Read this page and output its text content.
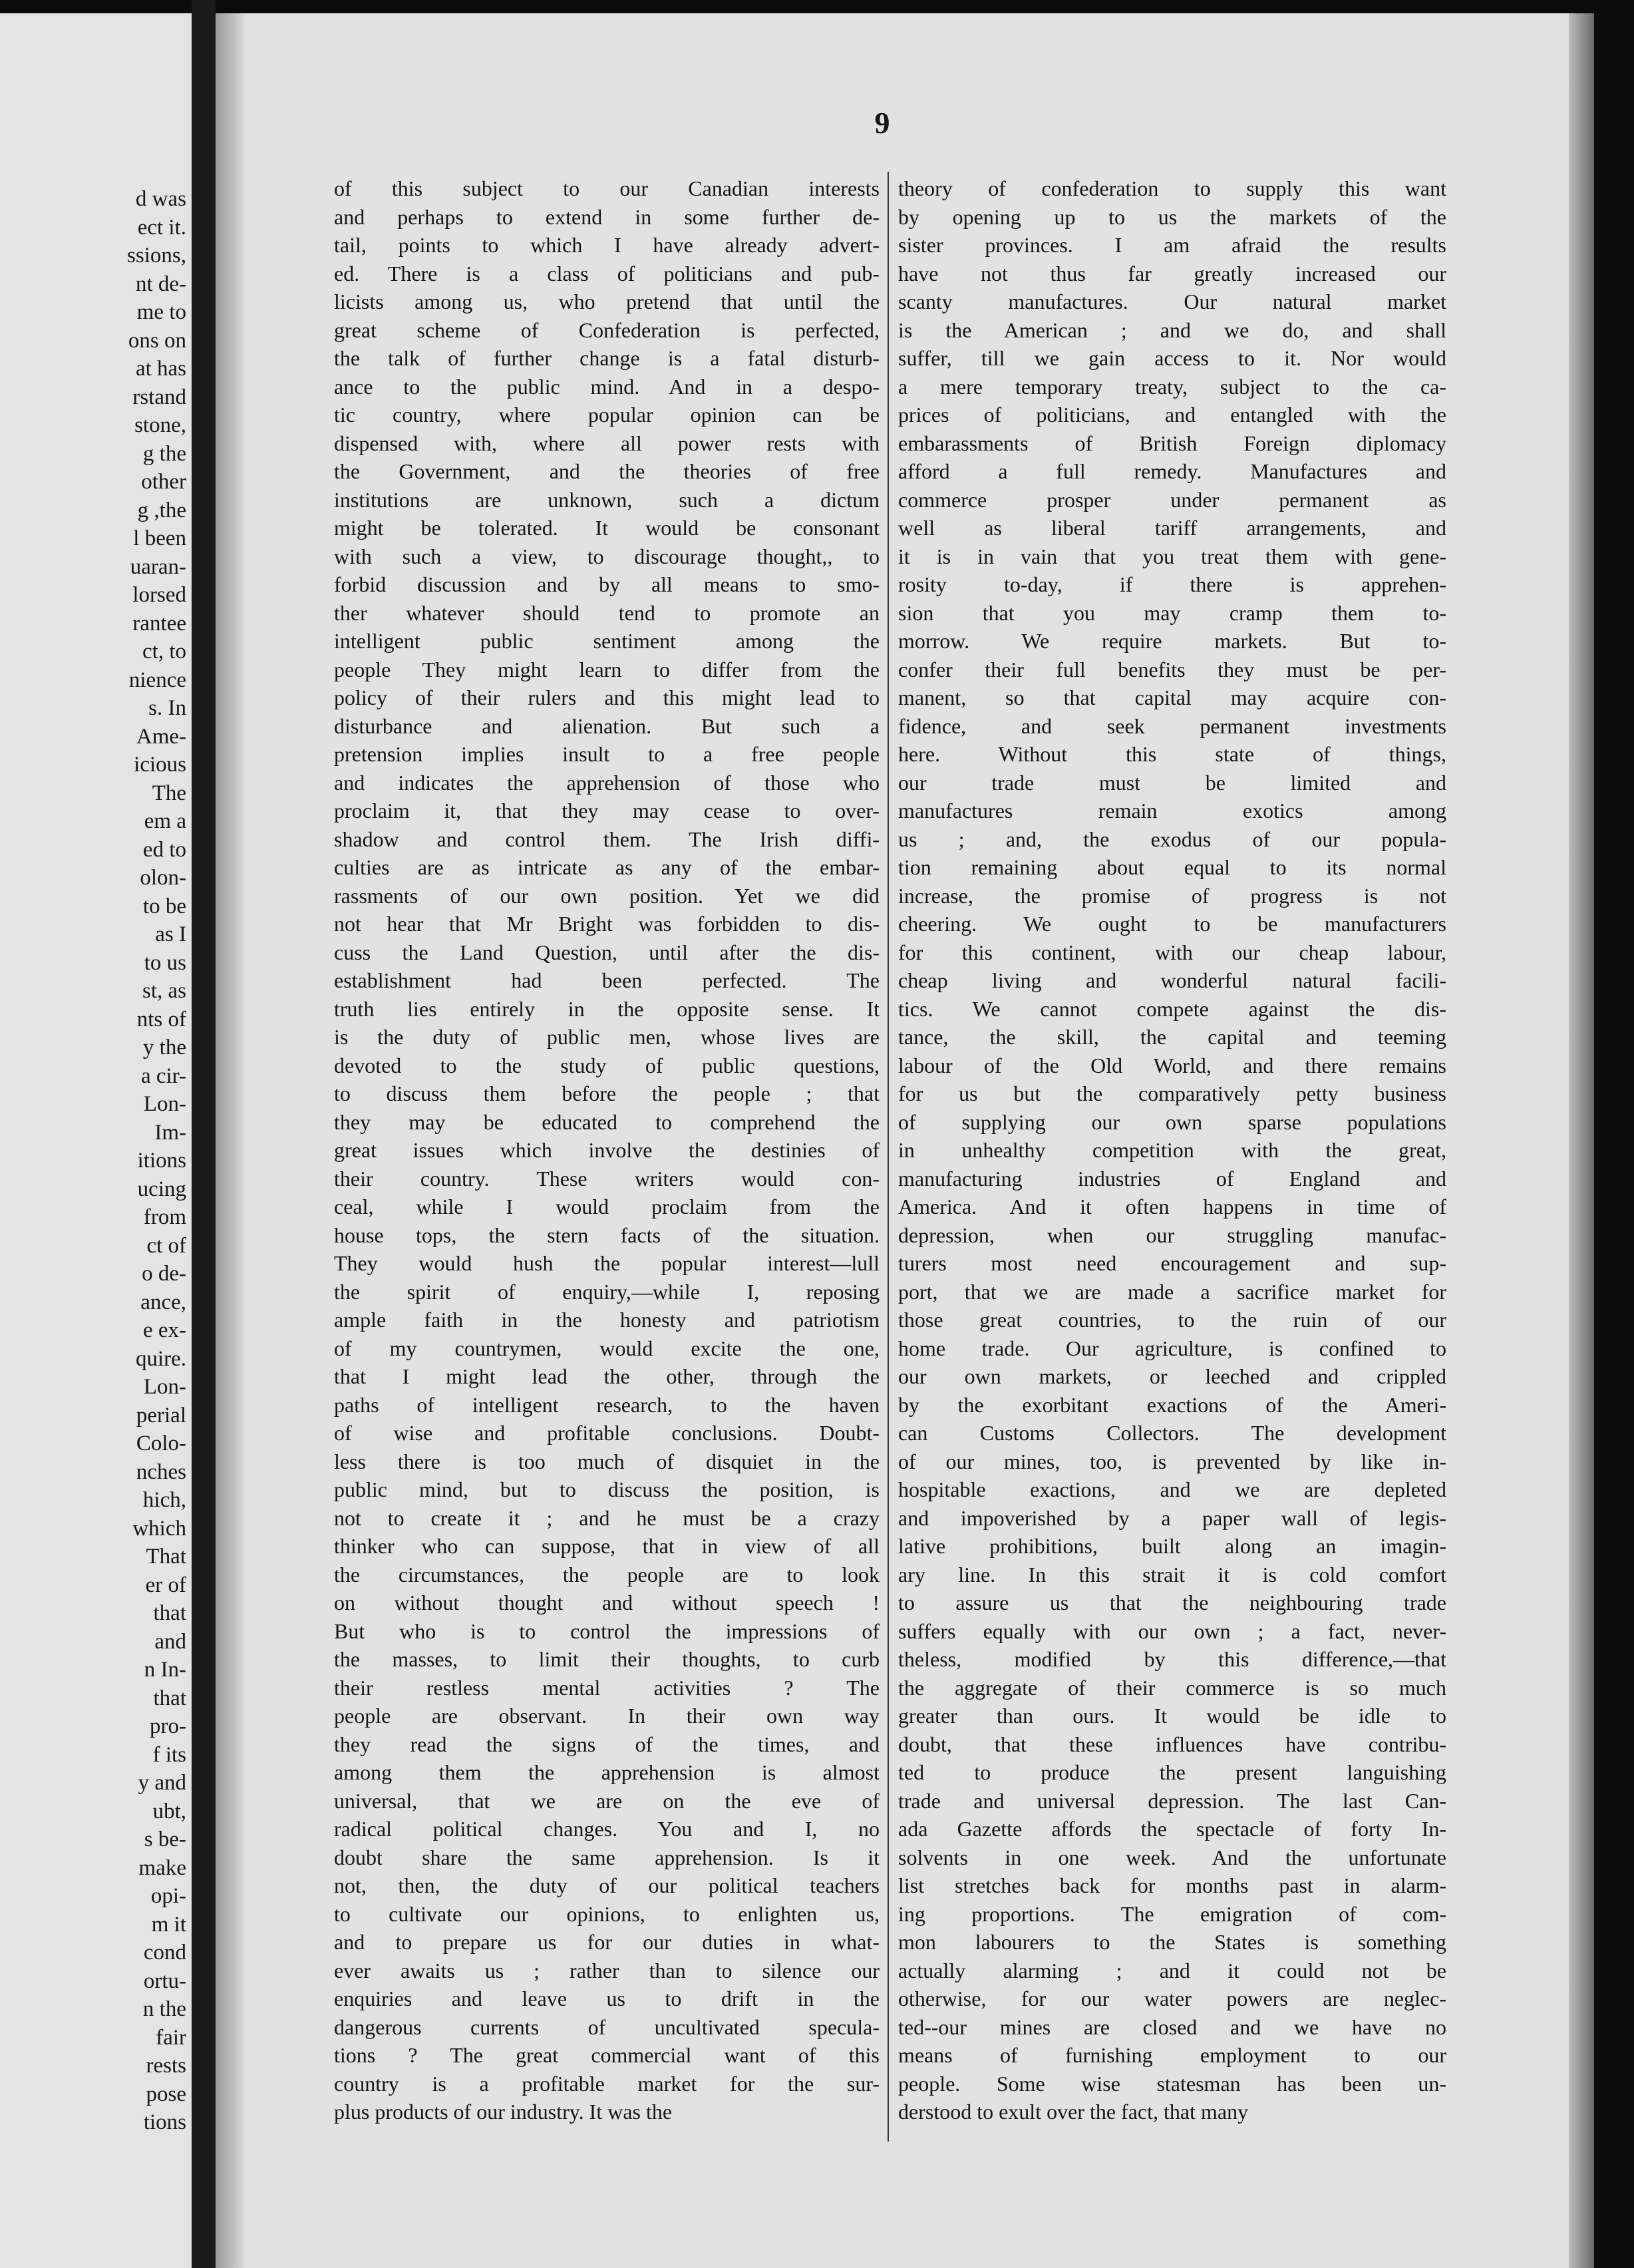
d was
ect it.
ssions,
nt de-
me to
ons on
at has
rstand
stone,
g the
other
g ,the
l been
uaran-
lorsed
rantee
ct, to
nience
s. In
Ame-
icious
The
em a
ed to
olon-
to be
as I
to us
st, as
nts of
y the
a cir-
Lon-
Im-
itions
ucing
from
ct of
o de-
ance,
e ex-
quire.
Lon-
perial
Colo-
nches
hich,
which
That
er of
that
and
n In-
that
pro-
f its
y and
ubt,
s be-
make
opi-
m it
cond
ortu-
n the
fair
rests
pose
tions
9

of this subject to our Canadian interests

and perhaps to extend in some further de-

tail, points to which I have already advert-

ed. There is a class of politicians and pub-

licists among us, who pretend that until the

great scheme of Confederation is perfected,

the talk of further change is a fatal disturb-

ance to the public mind. And in a despo-

tic country, where popular opinion can be

dispensed with, where all power rests with

the Government, and the theories of free

institutions are unknown, such a dictum

might be tolerated. It would be consonant

with such a view, to discourage thought,, to

forbid discussion and by all means to smo-

ther whatever should tend to promote an

intelligent public sentiment among the

people They might learn to differ from the

policy of their rulers and this might lead to

disturbance and alienation. But such a

pretension implies insult to a free people

and indicates the apprehension of those who

proclaim it, that they may cease to over-

shadow and control them. The Irish diffi-

culties are as intricate as any of the embar-

rassments of our own position. Yet we did

not hear that Mr Bright was forbidden to dis-

cuss the Land Question, until after the dis-

establishment had been perfected. The

truth lies entirely in the opposite sense. It

is the duty of public men, whose lives are

devoted to the study of public questions,

to discuss them before the people ; that

they may be educated to comprehend the

great issues which involve the destinies of

their country. These writers would con-

ceal, while I would proclaim from the

house tops, the stern facts of the situation.

They would hush the popular interest—lull

the spirit of enquiry,—while I, reposing

ample faith in the honesty and patriotism

of my countrymen, would excite the one,

that I might lead the other, through the

paths of intelligent research, to the haven

of wise and profitable conclusions. Doubt-

less there is too much of disquiet in the

public mind, but to discuss the position, is

not to create it ; and he must be a crazy

thinker who can suppose, that in view of all

the circumstances, the people are to look

on without thought and without speech !

But who is to control the impressions of

the masses, to limit their thoughts, to curb

their restless mental activities ? The

people are observant. In their own way

they read the signs of the times, and

among them the apprehension is almost

universal, that we are on the eve of

radical political changes. You and I, no

doubt share the same apprehension. Is it

not, then, the duty of our political teachers

to cultivate our opinions, to enlighten us,

and to prepare us for our duties in what-

ever awaits us ; rather than to silence our

enquiries and leave us to drift in the

dangerous currents of uncultivated specula-

tions ? The great commercial want of this

country is a profitable market for the sur-

plus products of our industry. It was the

theory of confederation to supply this want

by opening up to us the markets of the

sister provinces. I am afraid the results

have not thus far greatly increased our

scanty manufactures. Our natural market

is the American ; and we do, and shall

suffer, till we gain access to it. Nor would

a mere temporary treaty, subject to the ca-

prices of politicians, and entangled with the

embarassments of British Foreign diplomacy

afford a full remedy. Manufactures and

commerce prosper under permanent as

well as liberal tariff arrangements, and

it is in vain that you treat them with gene-

rosity to-day, if there is apprehen-

sion that you may cramp them to-

morrow. We require markets. But to-

confer their full benefits they must be per-

manent, so that capital may acquire con-

fidence, and seek permanent investments

here. Without this state of things,

our trade must be limited and

manufactures remain exotics among

us ; and, the exodus of our popula-

tion remaining about equal to its normal

increase, the promise of progress is not

cheering. We ought to be manufacturers

for this continent, with our cheap labour,

cheap living and wonderful natural facili-

tics. We cannot compete against the dis-

tance, the skill, the capital and teeming

labour of the Old World, and there remains

for us but the comparatively petty business

of supplying our own sparse populations

in unhealthy competition with the great,

manufacturing industries of England and

America. And it often happens in time of

depression, when our struggling manufac-

turers most need encouragement and sup-

port, that we are made a sacrifice market for

those great countries, to the ruin of our

home trade. Our agriculture, is confined to

our own markets, or leeched and crippled

by the exorbitant exactions of the Ameri-

can Customs Collectors. The development

of our mines, too, is prevented by like in-

hospitable exactions, and we are depleted

and impoverished by a paper wall of legis-

lative prohibitions, built along an imagin-

ary line. In this strait it is cold comfort

to assure us that the neighbouring trade

suffers equally with our own ; a fact, never-

theless, modified by this difference,—that

the aggregate of their commerce is so much

greater than ours. It would be idle to

doubt, that these influences have contribu-

ted to produce the present languishing

trade and universal depression. The last Can-

ada Gazette affords the spectacle of forty In-

solvents in one week. And the unfortunate

list stretches back for months past in alarm-

ing proportions. The emigration of com-

mon labourers to the States is something

actually alarming ; and it could not be

otherwise, for our water powers are neglec-

ted--our mines are closed and we have no

means of furnishing employment to our

people. Some wise statesman has been un-

derstood to exult over the fact, that many
